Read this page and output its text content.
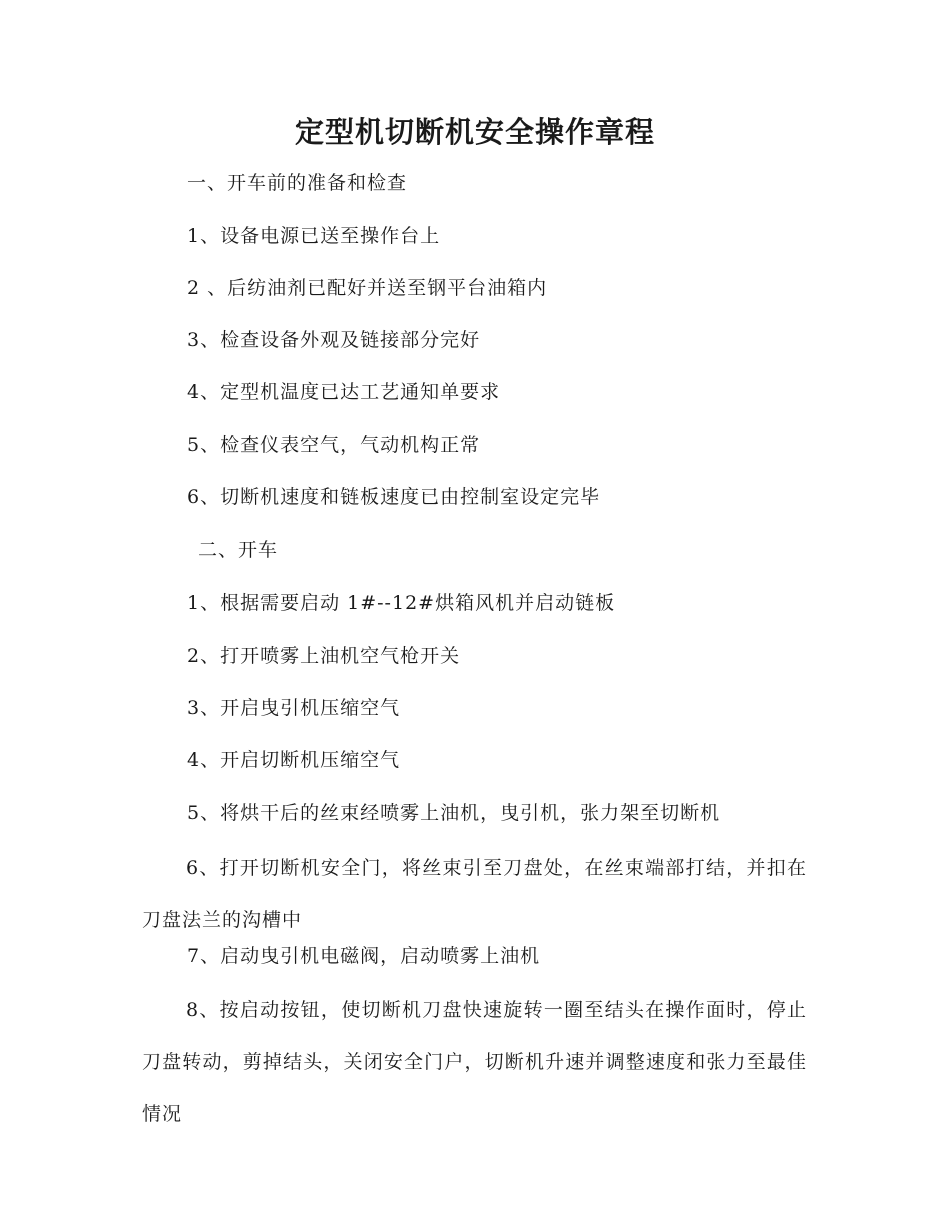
定型机切断机安全操作章程
一、开车前的准备和检查
1、设备电源已送至操作台上
2 、后纺油剂已配好并送至钢平台油箱内
3、检查设备外观及链接部分完好
4、定型机温度已达工艺通知单要求
5、检查仪表空气，气动机构正常
6、切断机速度和链板速度已由控制室设定完毕
二、开车
1、根据需要启动 1#--12#烘箱风机并启动链板
2、打开喷雾上油机空气枪开关
3、开启曳引机压缩空气
4、开启切断机压缩空气
5、将烘干后的丝束经喷雾上油机，曳引机，张力架至切断机
6、打开切断机安全门，将丝束引至刀盘处，在丝束端部打结，并扣在刀盘法兰的沟槽中
7、启动曳引机电磁阀，启动喷雾上油机
8、按启动按钮，使切断机刀盘快速旋转一圈至结头在操作面时，停止刀盘转动，剪掉结头，关闭安全门户，切断机升速并调整速度和张力至最佳情况
